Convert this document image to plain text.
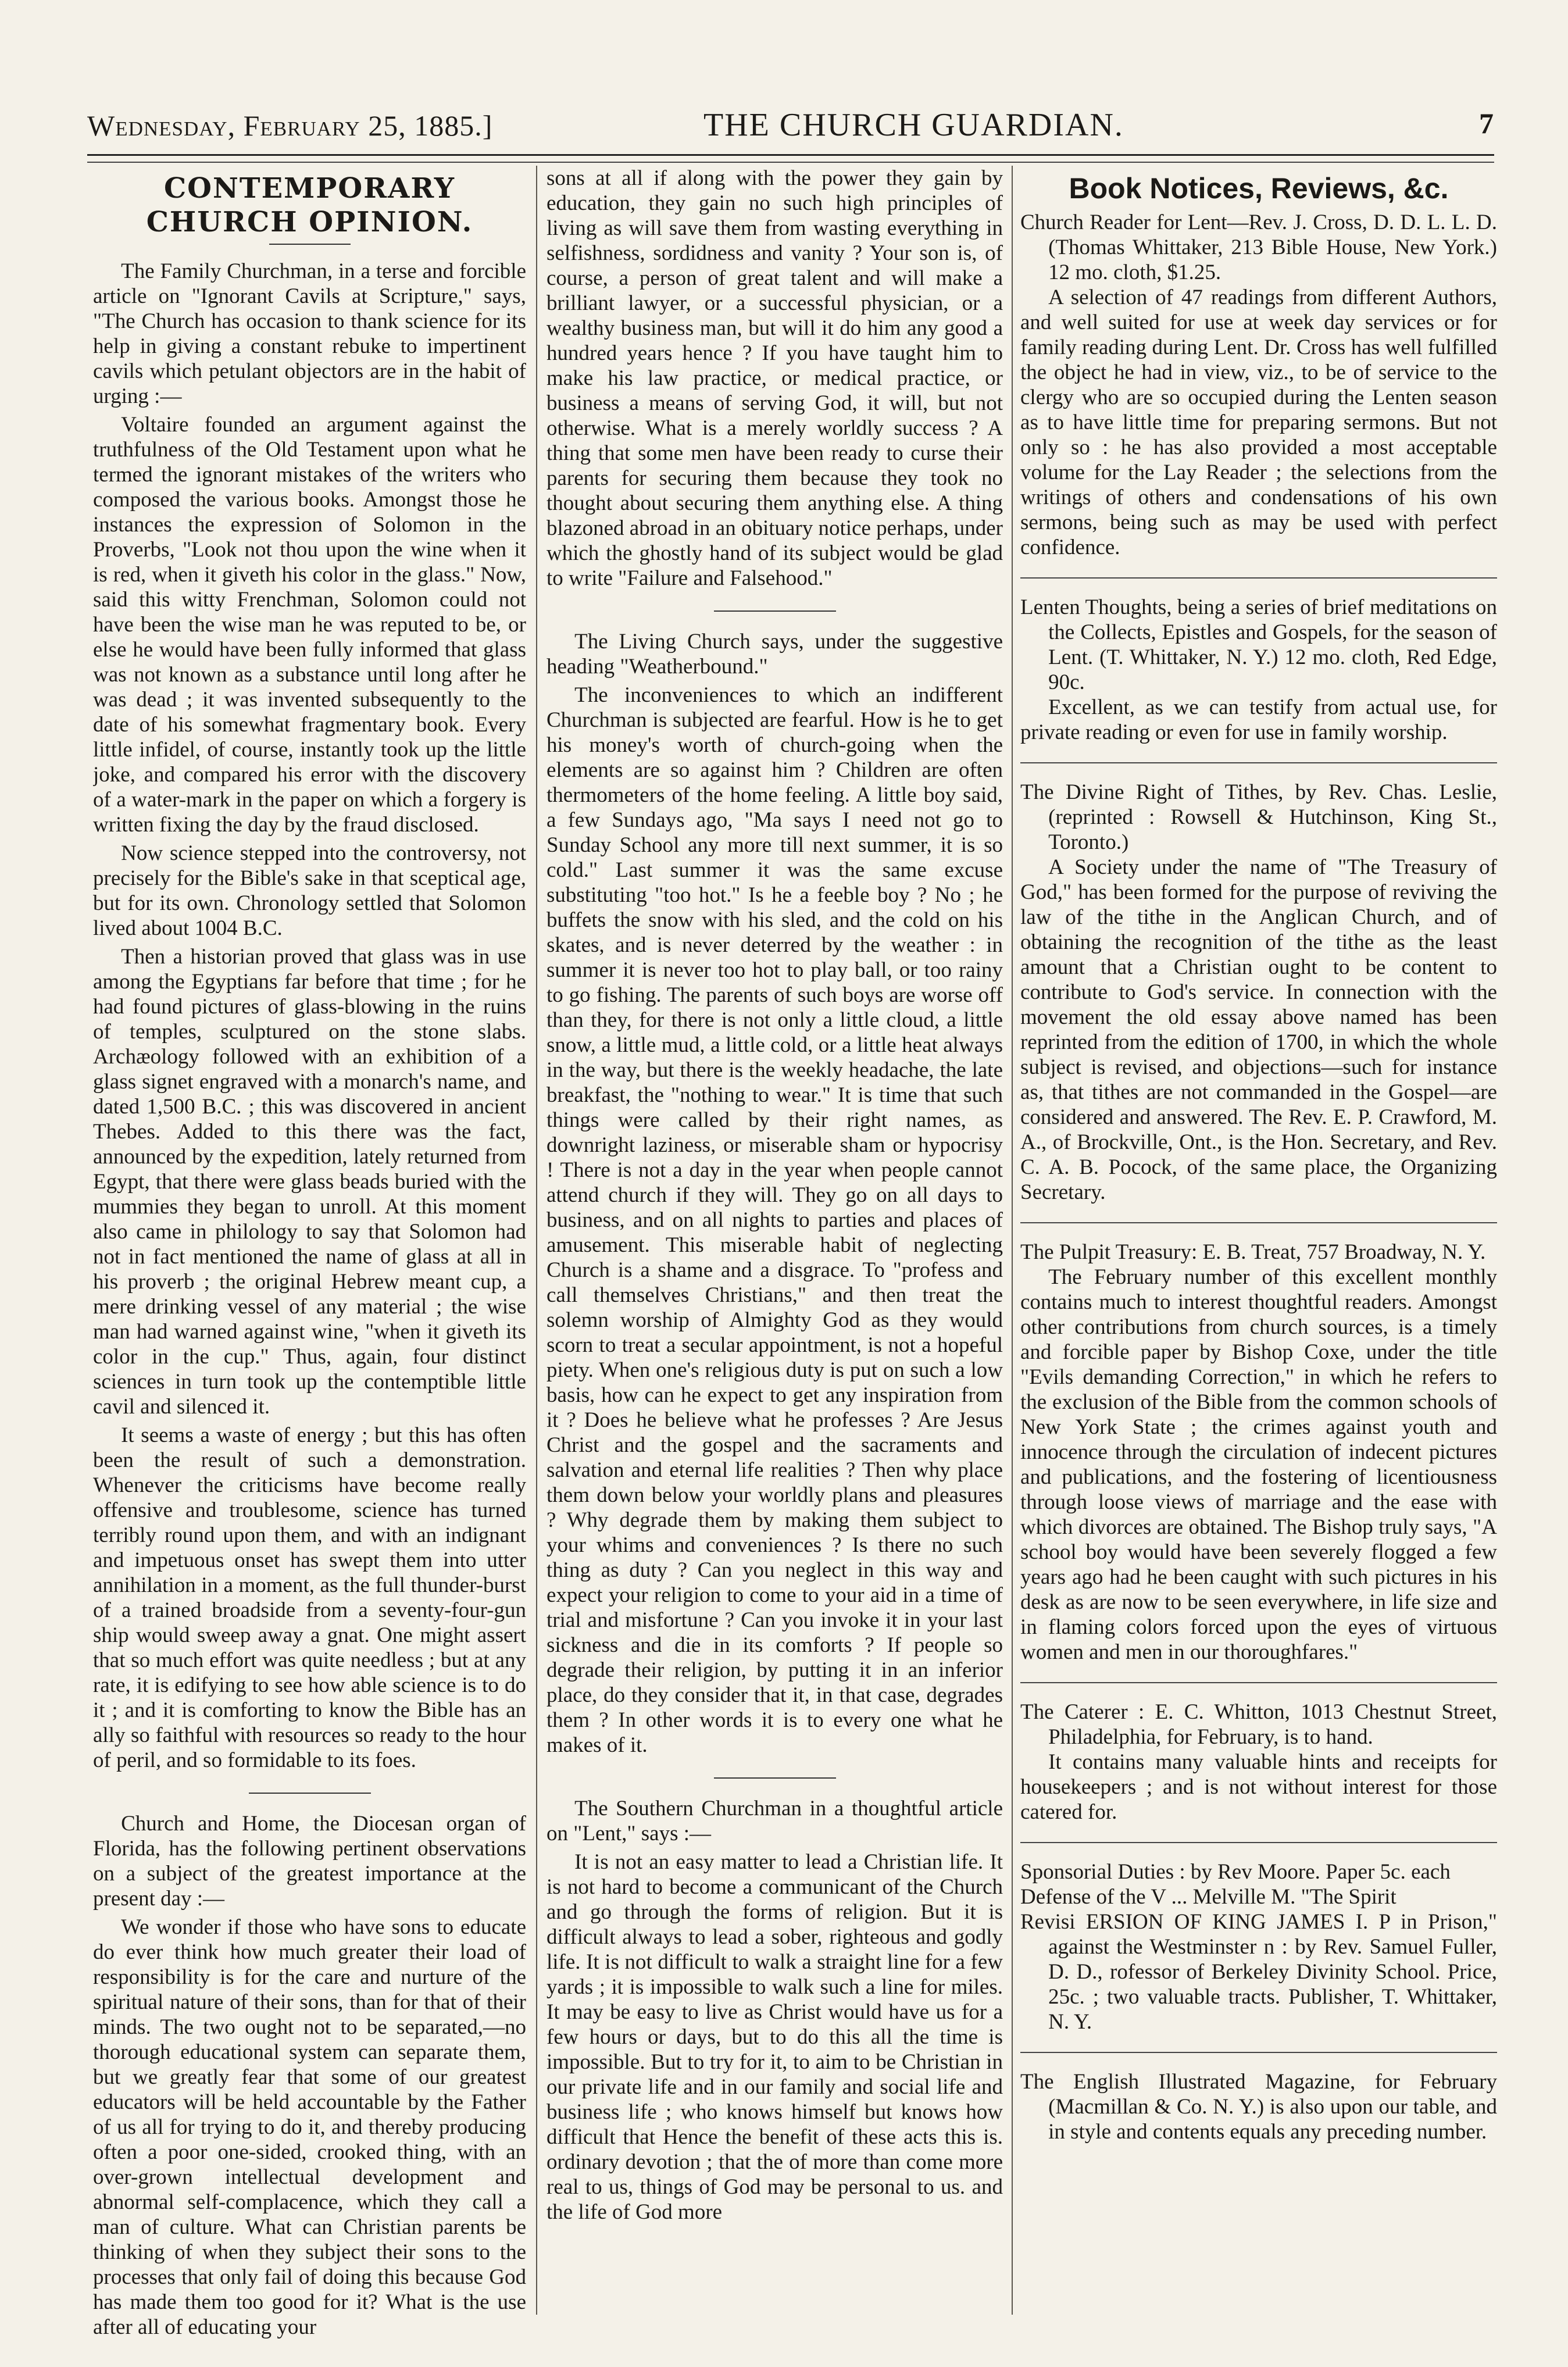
Wednesday, February 25, 1885.]	THE CHURCH GUARDIAN.	7
CONTEMPORARY CHURCH OPINION.

The Family Churchman, in a terse and forcible article on "Ignorant Cavils at Scripture," says, "The Church has occasion to thank science for its help in giving a constant rebuke to impertinent cavils which petulant objectors are in the habit of urging :—

Voltaire founded an argument against the truthfulness of the Old Testament upon what he termed the ignorant mistakes of the writers who composed the various books. Amongst those he instances the expression of Solomon in the Proverbs, "Look not thou upon the wine when it is red, when it giveth his color in the glass." Now, said this witty Frenchman, Solomon could not have been the wise man he was reputed to be, or else he would have been fully informed that glass was not known as a substance until long after he was dead ; it was invented subsequently to the date of his somewhat fragmentary book. Every little infidel, of course, instantly took up the little joke, and compared his error with the discovery of a water-mark in the paper on which a forgery is written fixing the day by the fraud disclosed.

Now science stepped into the controversy, not precisely for the Bible's sake in that sceptical age, but for its own. Chronology settled that Solomon lived about 1004 B.C.

Then a historian proved that glass was in use among the Egyptians far before that time ; for he had found pictures of glass-blowing in the ruins of temples, sculptured on the stone slabs. Archæology followed with an exhibition of a glass signet engraved with a monarch's name, and dated 1,500 B.C. ; this was discovered in ancient Thebes. Added to this there was the fact, announced by the expedition, lately returned from Egypt, that there were glass beads buried with the mummies they began to unroll. At this moment also came in philology to say that Solomon had not in fact mentioned the name of glass at all in his proverb ; the original Hebrew meant cup, a mere drinking vessel of any material ; the wise man had warned against wine, "when it giveth its color in the cup." Thus, again, four distinct sciences in turn took up the contemptible little cavil and silenced it.

It seems a waste of energy ; but this has often been the result of such a demonstration. Whenever the criticisms have become really offensive and troublesome, science has turned terribly round upon them, and with an indignant and impetuous onset has swept them into utter annihilation in a moment, as the full thunder-burst of a trained broadside from a seventy-four-gun ship would sweep away a gnat. One might assert that so much effort was quite needless ; but at any rate, it is edifying to see how able science is to do it ; and it is comforting to know the Bible has an ally so faithful with resources so ready to the hour of peril, and so formidable to its foes.

Church and Home, the Diocesan organ of Florida, has the following pertinent observations on a subject of the greatest importance at the present day :—

We wonder if those who have sons to educate do ever think how much greater their load of responsibility is for the care and nurture of the spiritual nature of their sons, than for that of their minds. The two ought not to be separated,—no thorough educational system can separate them, but we greatly fear that some of our greatest educators will be held accountable by the Father of us all for trying to do it, and thereby producing often a poor one-sided, crooked thing, with an over-grown intellectual development and abnormal self-complacence, which they call a man of culture. What can Christian parents be thinking of when they subject their sons to the processes that only fail of doing this because God has made them too good for it? What is the use after all of educating your

sons at all if along with the power they gain by education, they gain no such high principles of living as will save them from wasting everything in selfishness, sordidness and vanity ? Your son is, of course, a person of great talent and will make a brilliant lawyer, or a successful physician, or a wealthy business man, but will it do him any good a hundred years hence ? If you have taught him to make his law practice, or medical practice, or business a means of serving God, it will, but not otherwise. What is a merely worldly success ? A thing that some men have been ready to curse their parents for securing them because they took no thought about securing them anything else. A thing blazoned abroad in an obituary notice perhaps, under which the ghostly hand of its subject would be glad to write "Failure and Falsehood."

The Living Church says, under the suggestive heading "Weatherbound."

The inconveniences to which an indifferent Churchman is subjected are fearful. How is he to get his money's worth of church-going when the elements are so against him ? Children are often thermometers of the home feeling. A little boy said, a few Sundays ago, "Ma says I need not go to Sunday School any more till next summer, it is so cold." Last summer it was the same excuse substituting "too hot." Is he a feeble boy ? No ; he buffets the snow with his sled, and the cold on his skates, and is never deterred by the weather : in summer it is never too hot to play ball, or too rainy to go fishing. The parents of such boys are worse off than they, for there is not only a little cloud, a little snow, a little mud, a little cold, or a little heat always in the way, but there is the weekly headache, the late breakfast, the "nothing to wear." It is time that such things were called by their right names, as downright laziness, or miserable sham or hypocrisy ! There is not a day in the year when people cannot attend church if they will. They go on all days to business, and on all nights to parties and places of amusement. This miserable habit of neglecting Church is a shame and a disgrace. To "profess and call themselves Christians," and then treat the solemn worship of Almighty God as they would scorn to treat a secular appointment, is not a hopeful piety. When one's religious duty is put on such a low basis, how can he expect to get any inspiration from it ? Does he believe what he professes ? Are Jesus Christ and the gospel and the sacraments and salvation and eternal life realities ? Then why place them down below your worldly plans and pleasures ? Why degrade them by making them subject to your whims and conveniences ? Is there no such thing as duty ? Can you neglect in this way and expect your religion to come to your aid in a time of trial and misfortune ? Can you invoke it in your last sickness and die in its comforts ? If people so degrade their religion, by putting it in an inferior place, do they consider that it, in that case, degrades them ? In other words it is to every one what he makes of it.

The Southern Churchman in a thoughtful article on "Lent," says :—

It is not an easy matter to lead a Christian life. It is not hard to become a communicant of the Church and go through the forms of religion. But it is difficult always to lead a sober, righteous and godly life. It is not difficult to walk a straight line for a few yards ; it is impossible to walk such a line for miles. It may be easy to live as Christ would have us for a few hours or days, but to do this all the time is impossible. But to try for it, to aim to be Christian in our private life and in our family and social life and business life ; who knows himself but knows how difficult that Hence the benefit of these acts this is. ordinary devotion ; that the of more than come more real to us, things of God may be personal to us. and the life of God more

Book Notices, Reviews, &c.

Church Reader for Lent—Rev. J. Cross, D. D. L. L. D. (Thomas Whittaker, 213 Bible House, New York.) 12 mo. cloth, $1.25.

A selection of 47 readings from different Authors, and well suited for use at week day services or for family reading during Lent. Dr. Cross has well fulfilled the object he had in view, viz., to be of service to the clergy who are so occupied during the Lenten season as to have little time for preparing sermons. But not only so : he has also provided a most acceptable volume for the Lay Reader ; the selections from the writings of others and condensations of his own sermons, being such as may be used with perfect confidence.

Lenten Thoughts, being a series of brief meditations on the Collects, Epistles and Gospels, for the season of Lent. (T. Whittaker, N. Y.) 12 mo. cloth, Red Edge, 90c.

Excellent, as we can testify from actual use, for private reading or even for use in family worship.

The Divine Right of Tithes, by Rev. Chas. Leslie, (reprinted : Rowsell & Hutchinson, King St., Toronto.)

A Society under the name of "The Treasury of God," has been formed for the purpose of reviving the law of the tithe in the Anglican Church, and of obtaining the recognition of the tithe as the least amount that a Christian ought to be content to contribute to God's service. In connection with the movement the old essay above named has been reprinted from the edition of 1700, in which the whole subject is revised, and objections—such for instance as, that tithes are not commanded in the Gospel—are considered and answered. The Rev. E. P. Crawford, M. A., of Brockville, Ont., is the Hon. Secretary, and Rev. C. A. B. Pocock, of the same place, the Organizing Secretary.

The Pulpit Treasury: E. B. Treat, 757 Broadway, N. Y.

The February number of this excellent monthly contains much to interest thoughtful readers. Amongst other contributions from church sources, is a timely and forcible paper by Bishop Coxe, under the title "Evils demanding Correction," in which he refers to the exclusion of the Bible from the common schools of New York State ; the crimes against youth and innocence through the circulation of indecent pictures and publications, and the fostering of licentiousness through loose views of marriage and the ease with which divorces are obtained. The Bishop truly says, "A school boy would have been severely flogged a few years ago had he been caught with such pictures in his desk as are now to be seen everywhere, in life size and in flaming colors forced upon the eyes of virtuous women and men in our thoroughfares."

The Caterer : E. C. Whitton, 1013 Chestnut Street, Philadelphia, for February, is to hand.

It contains many valuable hints and receipts for housekeepers ; and is not without interest for those catered for.

Sponsorial Duties : by Rev Moore. Paper 5c. each

Defense of the V ... Melville M. "The Spirit

Revisi ERSION OF KING JAMES I. P in Prison," against the Westminster n : by Rev. Samuel Fuller, D. D., rofessor of Berkeley Divinity School. Price, 25c. ; two valuable tracts. Publisher, T. Whittaker, N. Y.

The English Illustrated Magazine, for February (Macmillan & Co. N. Y.) is also upon our table, and in style and contents equals any preceding number.
